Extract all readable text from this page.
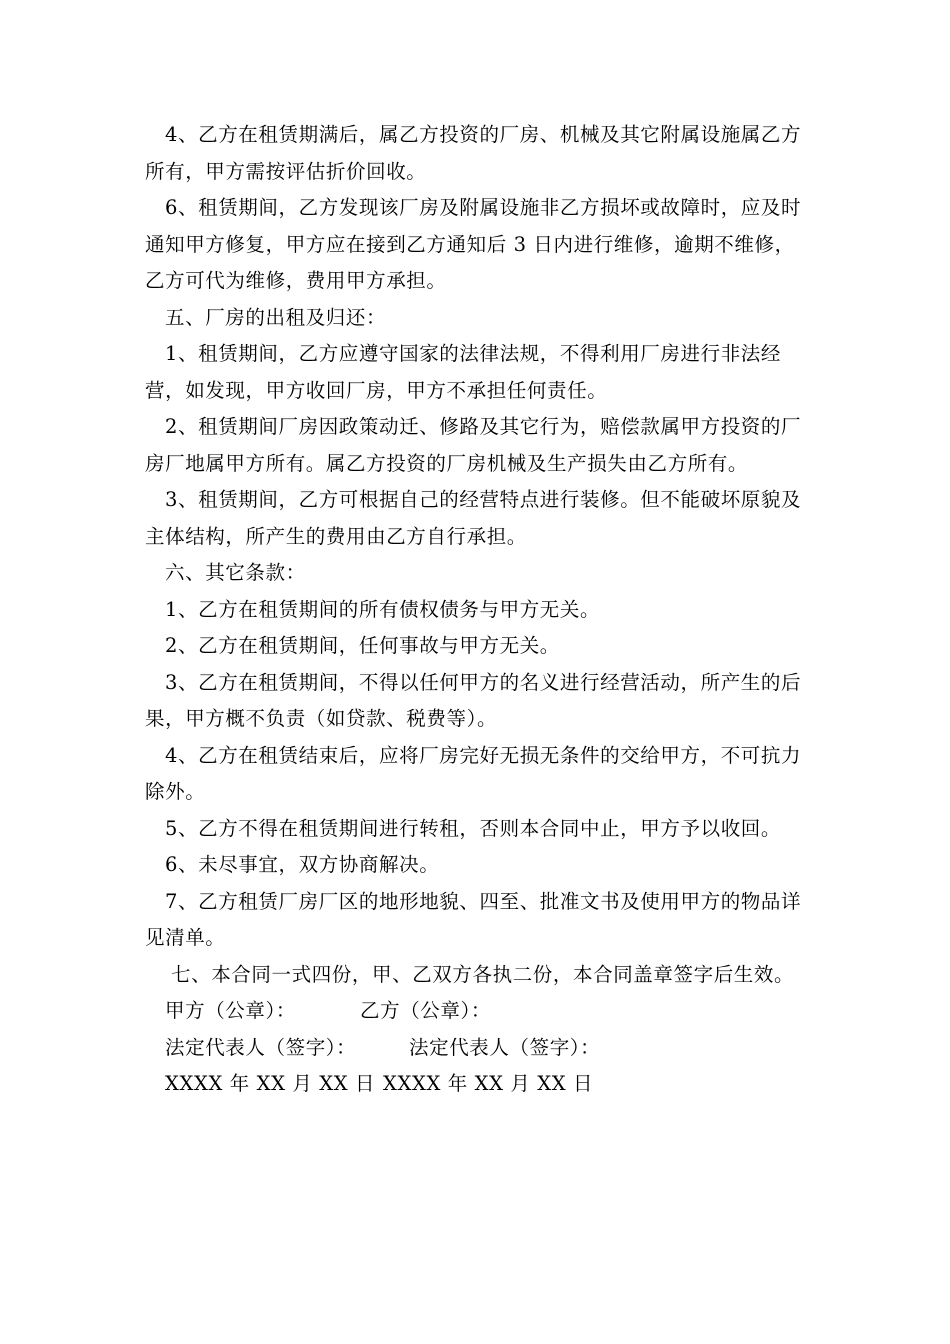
4、乙方在租赁期满后，属乙方投资的厂房、机械及其它附属设施属乙方所有，甲方需按评估折价回收。

6、租赁期间，乙方发现该厂房及附属设施非乙方损坏或故障时，应及时通知甲方修复，甲方应在接到乙方通知后 3 日内进行维修，逾期不维修，乙方可代为维修，费用甲方承担。

五、厂房的出租及归还：

1、租赁期间，乙方应遵守国家的法律法规，不得利用厂房进行非法经营，如发现，甲方收回厂房，甲方不承担任何责任。

2、租赁期间厂房因政策动迁、修路及其它行为，赔偿款属甲方投资的厂房厂地属甲方所有。属乙方投资的厂房机械及生产损失由乙方所有。

3、租赁期间，乙方可根据自己的经营特点进行装修。但不能破坏原貌及主体结构，所产生的费用由乙方自行承担。

六、其它条款：

1、乙方在租赁期间的所有债权债务与甲方无关。

2、乙方在租赁期间，任何事故与甲方无关。

3、乙方在租赁期间，不得以任何甲方的名义进行经营活动，所产生的后果，甲方概不负责（如贷款、税费等）。

4、乙方在租赁结束后，应将厂房完好无损无条件的交给甲方，不可抗力除外。

5、乙方不得在租赁期间进行转租，否则本合同中止，甲方予以收回。

6、未尽事宜，双方协商解决。

7、乙方租赁厂房厂区的地形地貌、四至、批准文书及使用甲方的物品详见清单。

七、本合同一式四份，甲、乙双方各执二份，本合同盖章签字后生效。

甲方（公章）：	乙方（公章）：
法定代表人（签字）：	法定代表人（签字）：
XXXX 年 XX 月 XX 日 XXXX 年 XX 月 XX 日
